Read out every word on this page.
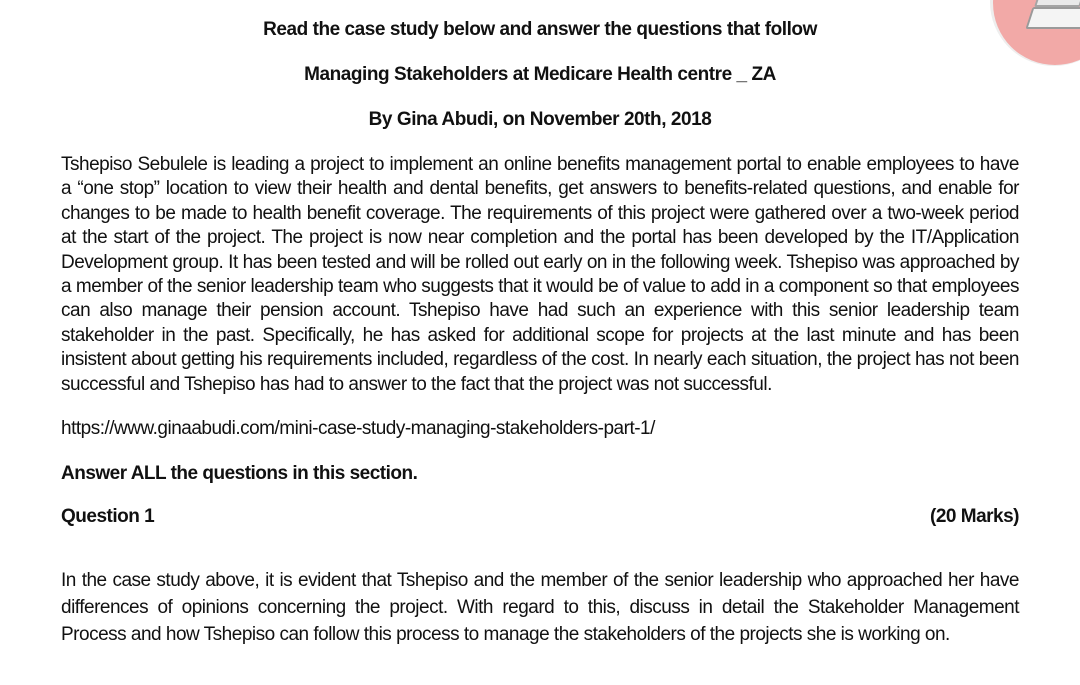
Read the case study below and answer the questions that follow
Managing Stakeholders at Medicare Health centre _ ZA
By Gina Abudi, on November 20th, 2018
Tshepiso Sebulele is leading a project to implement an online benefits management portal to enable employees to have a “one stop” location to view their health and dental benefits, get answers to benefits-related questions, and enable for changes to be made to health benefit coverage. The requirements of this project were gathered over a two-week period at the start of the project. The project is now near completion and the portal has been developed by the IT/Application Development group. It has been tested and will be rolled out early on in the following week. Tshepiso was approached by a member of the senior leadership team who suggests that it would be of value to add in a component so that employees can also manage their pension account. Tshepiso have had such an experience with this senior leadership team stakeholder in the past. Specifically, he has asked for additional scope for projects at the last minute and has been insistent about getting his requirements included, regardless of the cost. In nearly each situation, the project has not been successful and Tshepiso has had to answer to the fact that the project was not successful.
https://www.ginaabudi.com/mini-case-study-managing-stakeholders-part-1/
Answer ALL the questions in this section.
Question 1	(20 Marks)
In the case study above, it is evident that Tshepiso and the member of the senior leadership who approached her have differences of opinions concerning the project. With regard to this, discuss in detail the Stakeholder Management Process and how Tshepiso can follow this process to manage the stakeholders of the projects she is working on.
